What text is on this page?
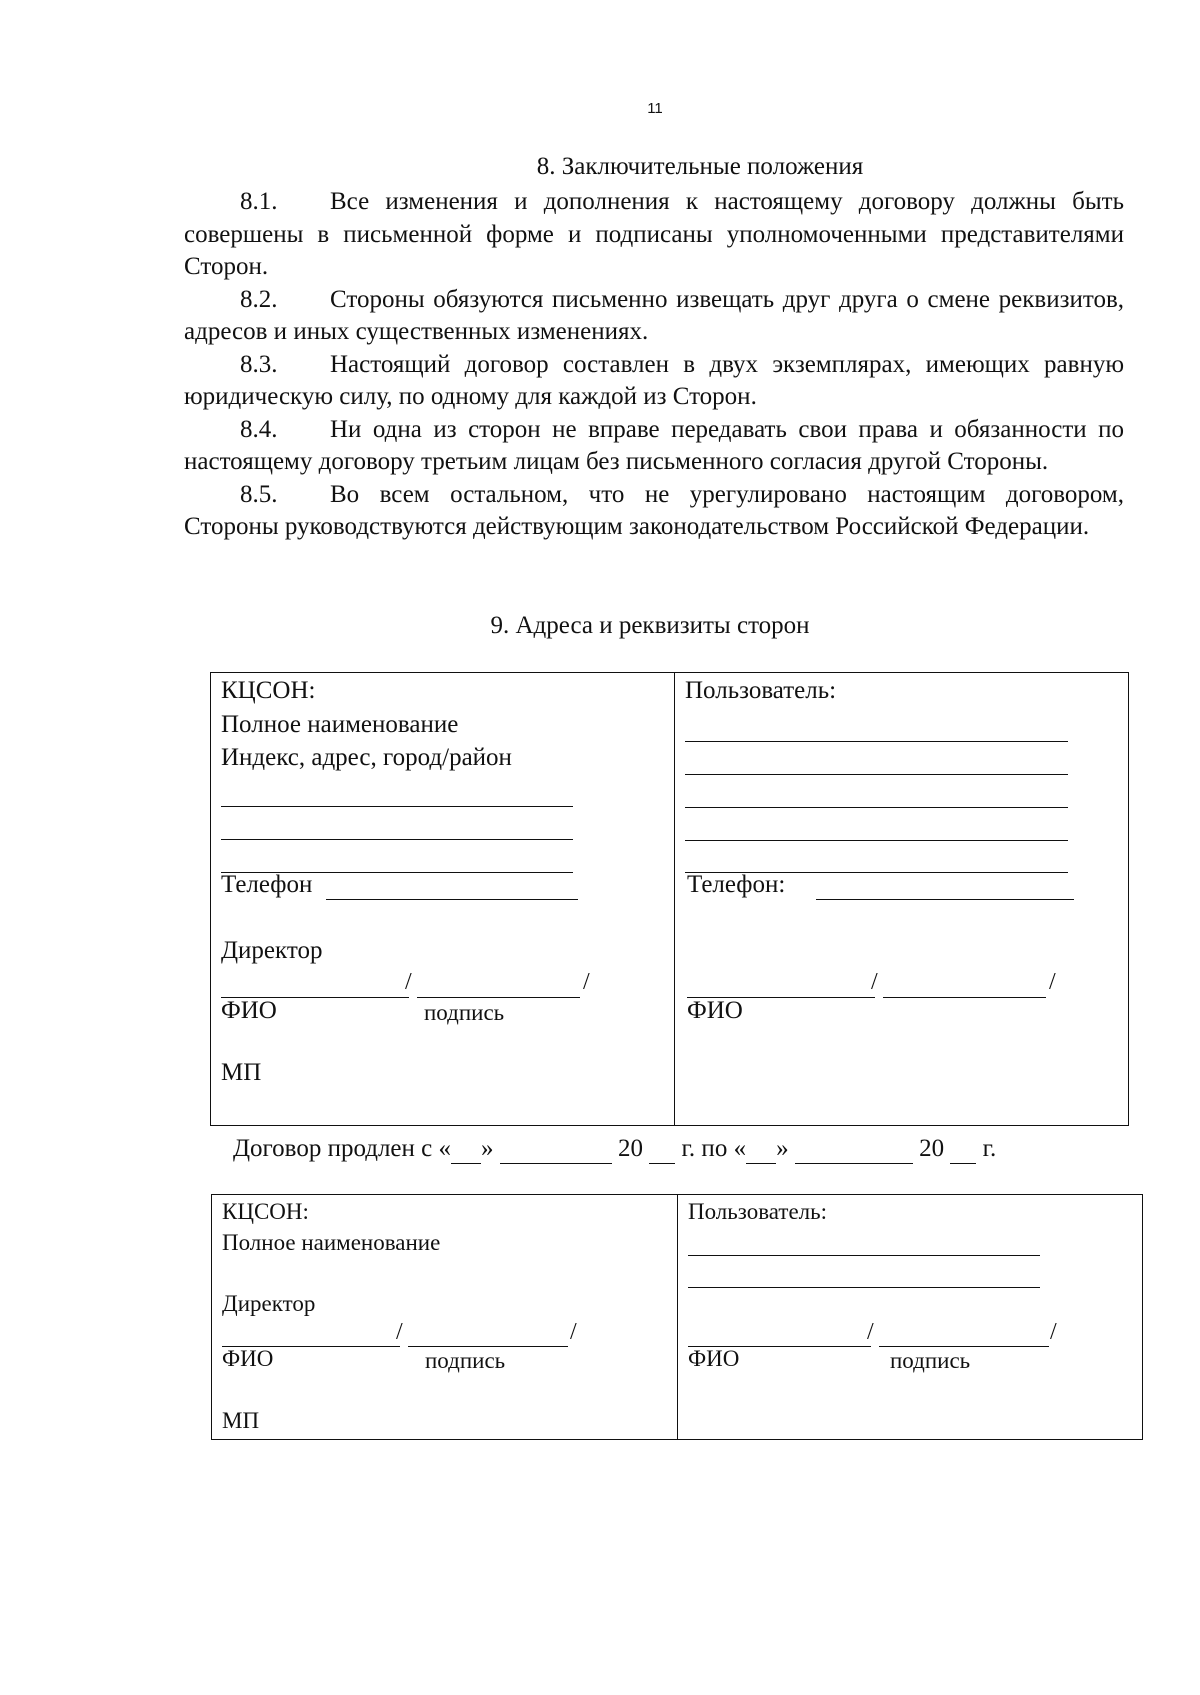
11
8. Заключительные положения

8.1. Все изменения и дополнения к настоящему договору должны быть совершены в письменной форме и подписаны уполномоченными представителями Сторон.

8.2. Стороны обязуются письменно извещать друг друга о смене реквизитов, адресов и иных существенных изменениях.

8.3. Настоящий договор составлен в двух экземплярах, имеющих равную юридическую силу, по одному для каждой из Сторон.

8.4. Ни одна из сторон не вправе передавать свои права и обязанности по настоящему договору третьим лицам без письменного согласия другой Стороны.

8.5. Во всем остальном, что не урегулировано настоящим договором, Стороны руководствуются действующим законодательством Российской Федерации.

9. Адреса и реквизиты сторон
КЦСОН:
Полное наименование
Индекс, адрес, город/район
Телефон
Директор
/	/
ФИО	подпись
МП
Пользователь:
Телефон:
/	/
ФИО
Договор продлен с « »	20   г. по « »	20   г.
КЦСОН:
Полное наименование
Директор
/	/
ФИО	подпись
МП
Пользователь:
/	/
ФИО	подпись
